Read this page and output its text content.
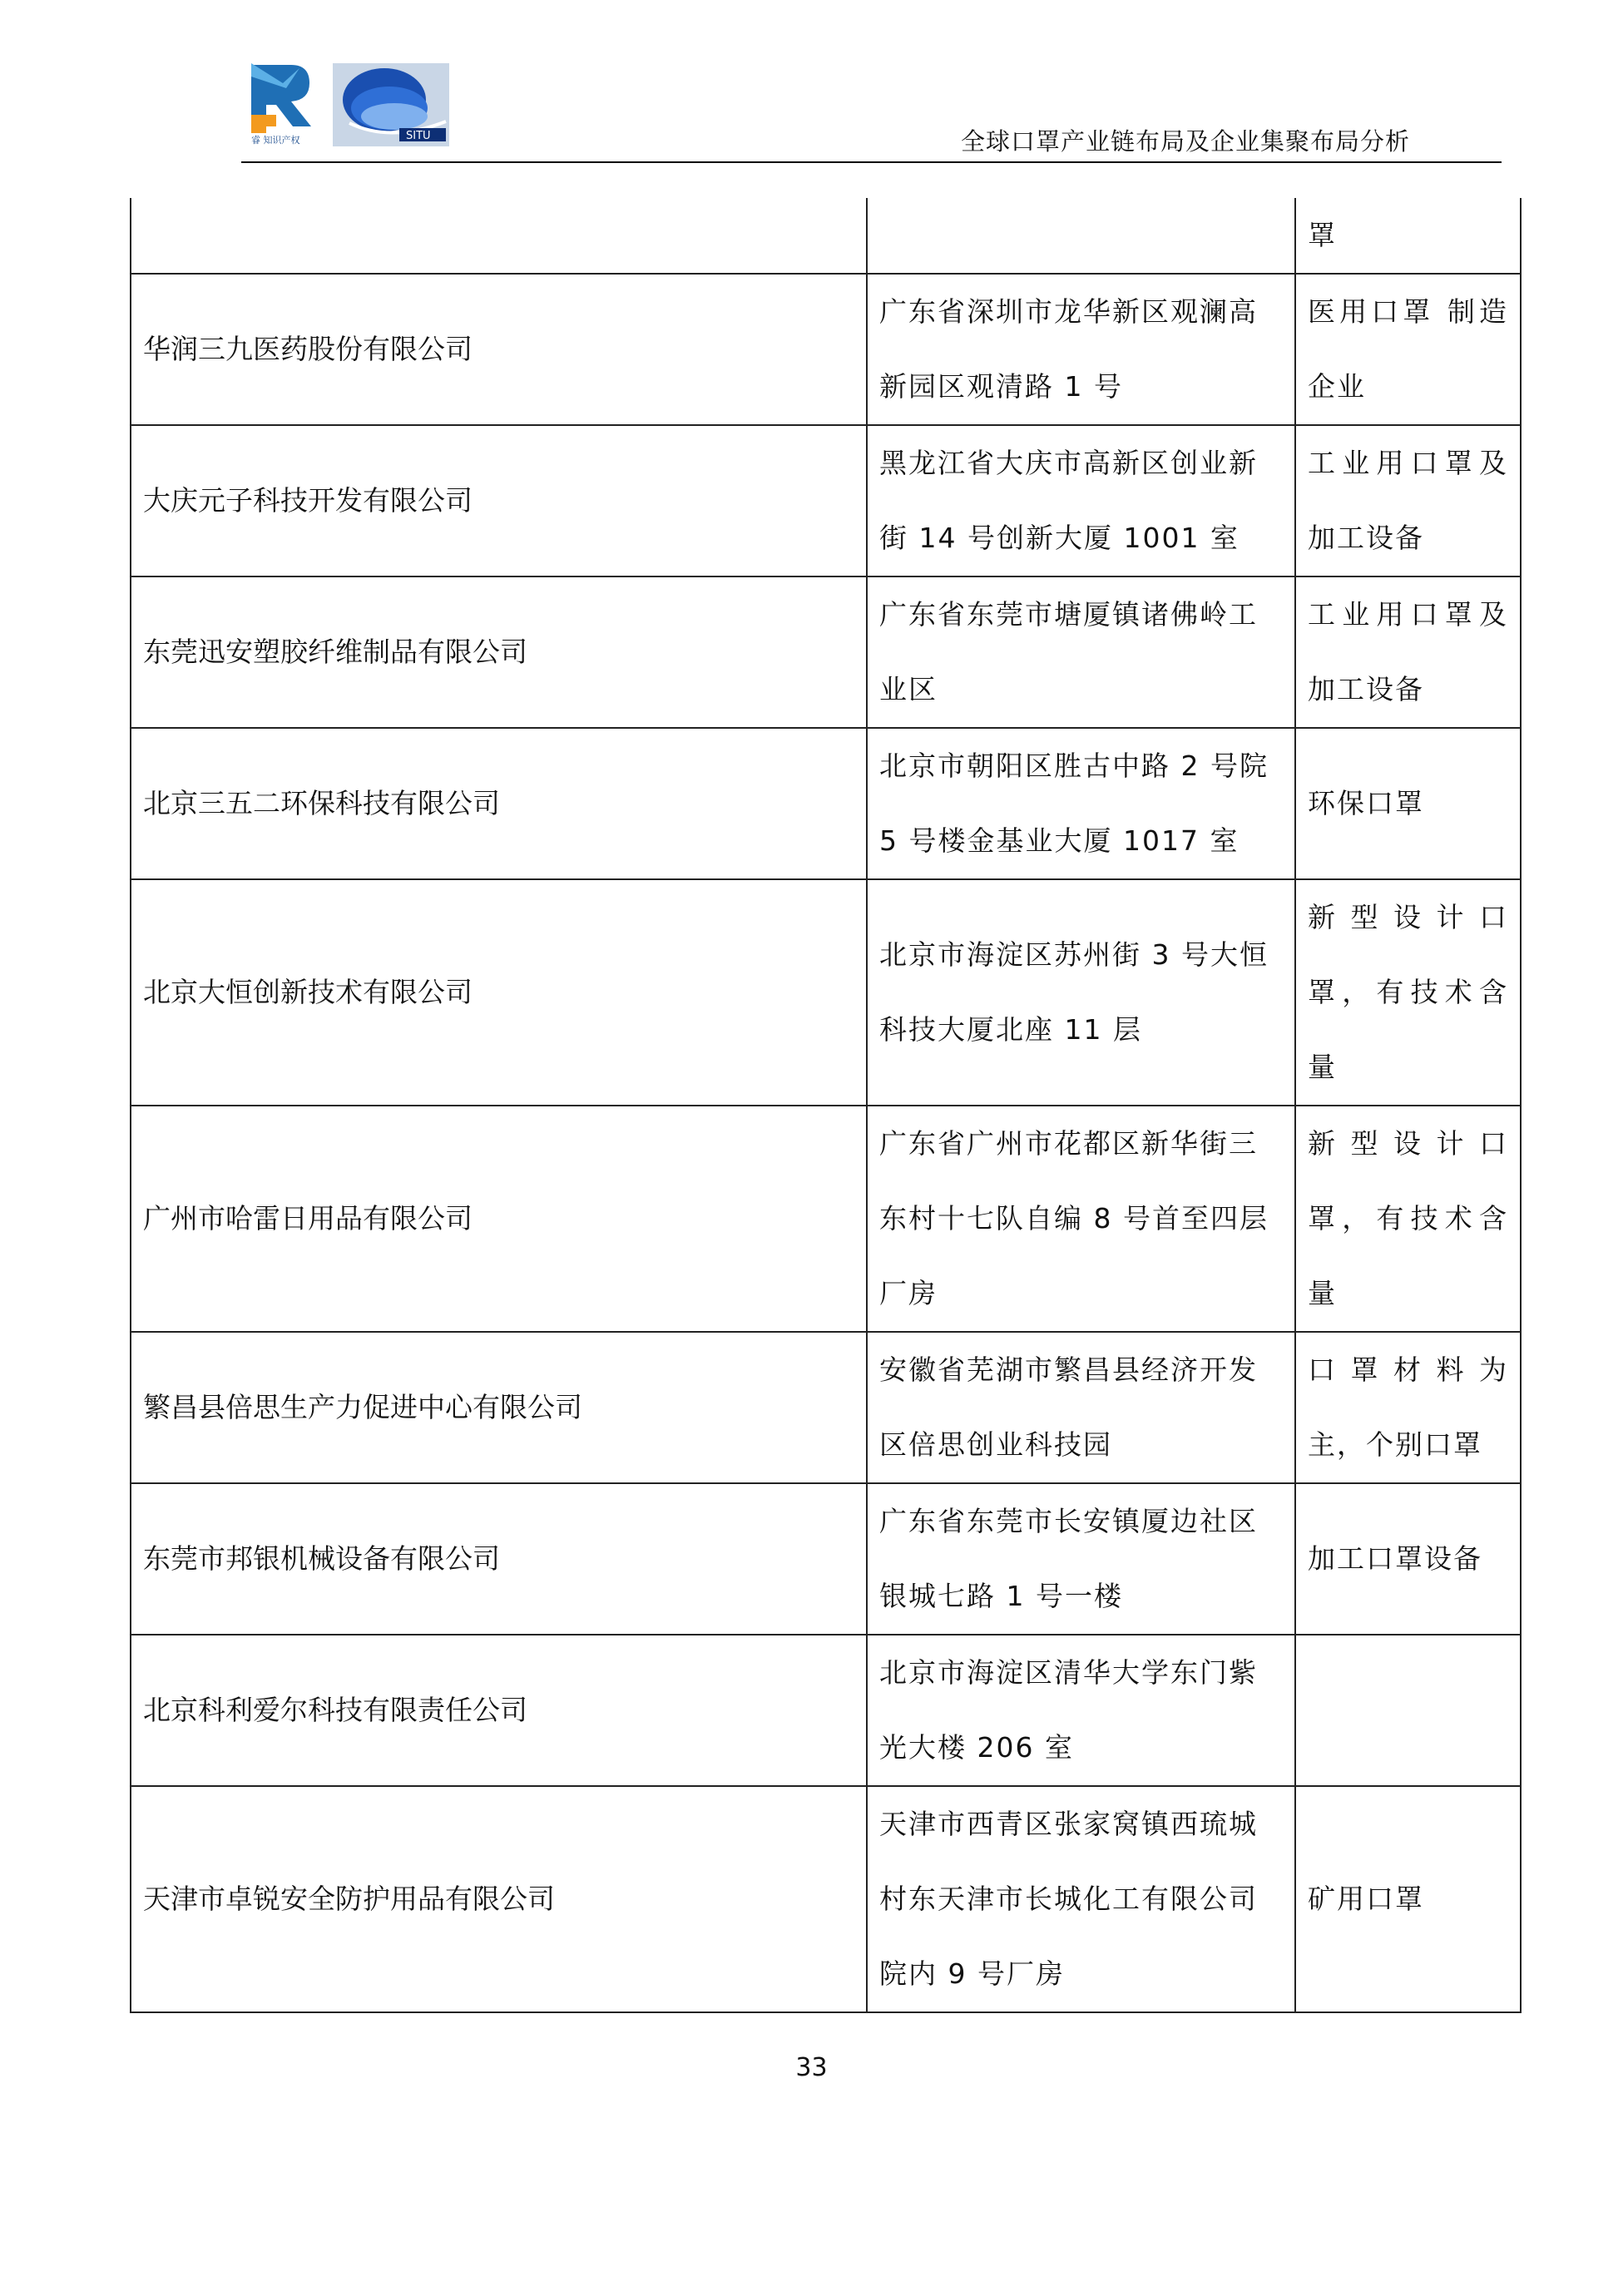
睿 知识产权	SITU	全球口罩产业链布局及企业集聚布局分析
		罩
华润三九医药股份有限公司	广东省深圳市龙华新区观澜高新园区观清路 1 号	医用口罩 制造企业
大庆元子科技开发有限公司	黑龙江省大庆市高新区创业新街 14 号创新大厦 1001 室	工业用口罩及加工设备
东莞迅安塑胶纤维制品有限公司	广东省东莞市塘厦镇诸佛岭工业区	工业用口罩及 加工设备
北京三五二环保科技有限公司	北京市朝阳区胜古中路 2 号院 5 号楼金基业大厦 1017 室	环保口罩
北京大恒创新技术有限公司	北京市海淀区苏州街 3 号大恒科技大厦北座 11 层	新型设计口罩，有技术含量
广州市哈雷日用品有限公司	广东省广州市花都区新华街三东村十七队自编 8 号首至四层厂房	新型设计口罩，有技术含量
繁昌县倍思生产力促进中心有限公司	安徽省芜湖市繁昌县经济开发区倍思创业科技园	口罩材料为主，个别口罩
东莞市邦银机械设备有限公司	广东省东莞市长安镇厦边社区银城七路 1 号一楼	加工口罩设备
北京科利爱尔科技有限责任公司	北京市海淀区清华大学东门紫光大楼 206 室	
天津市卓锐安全防护用品有限公司	天津市西青区张家窝镇西琉城村东天津市长城化工有限公司院内 9 号厂房	矿用口罩
33
